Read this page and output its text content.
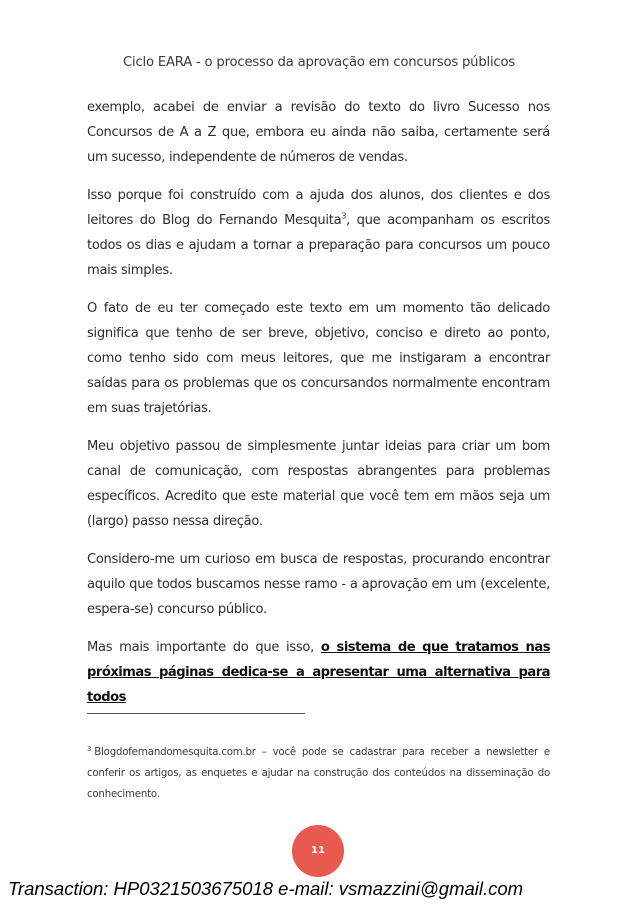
Ciclo EARA - o processo da aprovação em concursos públicos

exemplo, acabei de enviar a revisão do texto do livro Sucesso nos Concursos de A a Z que, embora eu ainda não saiba, certamente será um sucesso, independente de números de vendas.

Isso porque foi construído com a ajuda dos alunos, dos clientes e dos leitores do Blog do Fernando Mesquita$^3$, que acompanham os escritos todos os dias e ajudam a tornar a preparação para concursos um pouco mais simples.

O fato de eu ter começado este texto em um momento tão delicado significa que tenho de ser breve, objetivo, conciso e direto ao ponto, como tenho sido com meus leitores, que me instigaram a encontrar saídas para os problemas que os concursandos normalmente encontram em suas trajetórias.

Meu objetivo passou de simplesmente juntar ideias para criar um bom canal de comunicação, com respostas abrangentes para problemas específicos. Acredito que este material que você tem em mãos seja um (largo) passo nessa direção.

Considero-me um curioso em busca de respostas, procurando encontrar aquilo que todos buscamos nesse ramo - a aprovação em um (excelente, espera-se) concurso público.

Mas mais importante do que isso, o sistema de que tratamos nas próximas páginas dedica-se a apresentar uma alternativa para todos

$^3$ Blogdofernandomesquita.com.br – você pode se cadastrar para receber a newsletter e conferir os artigos, as enquetes e ajudar na construção dos conteúdos na disseminação do conhecimento.
11
Transaction: HP0321503675018 e-mail: vsmazzini@gmail.com
